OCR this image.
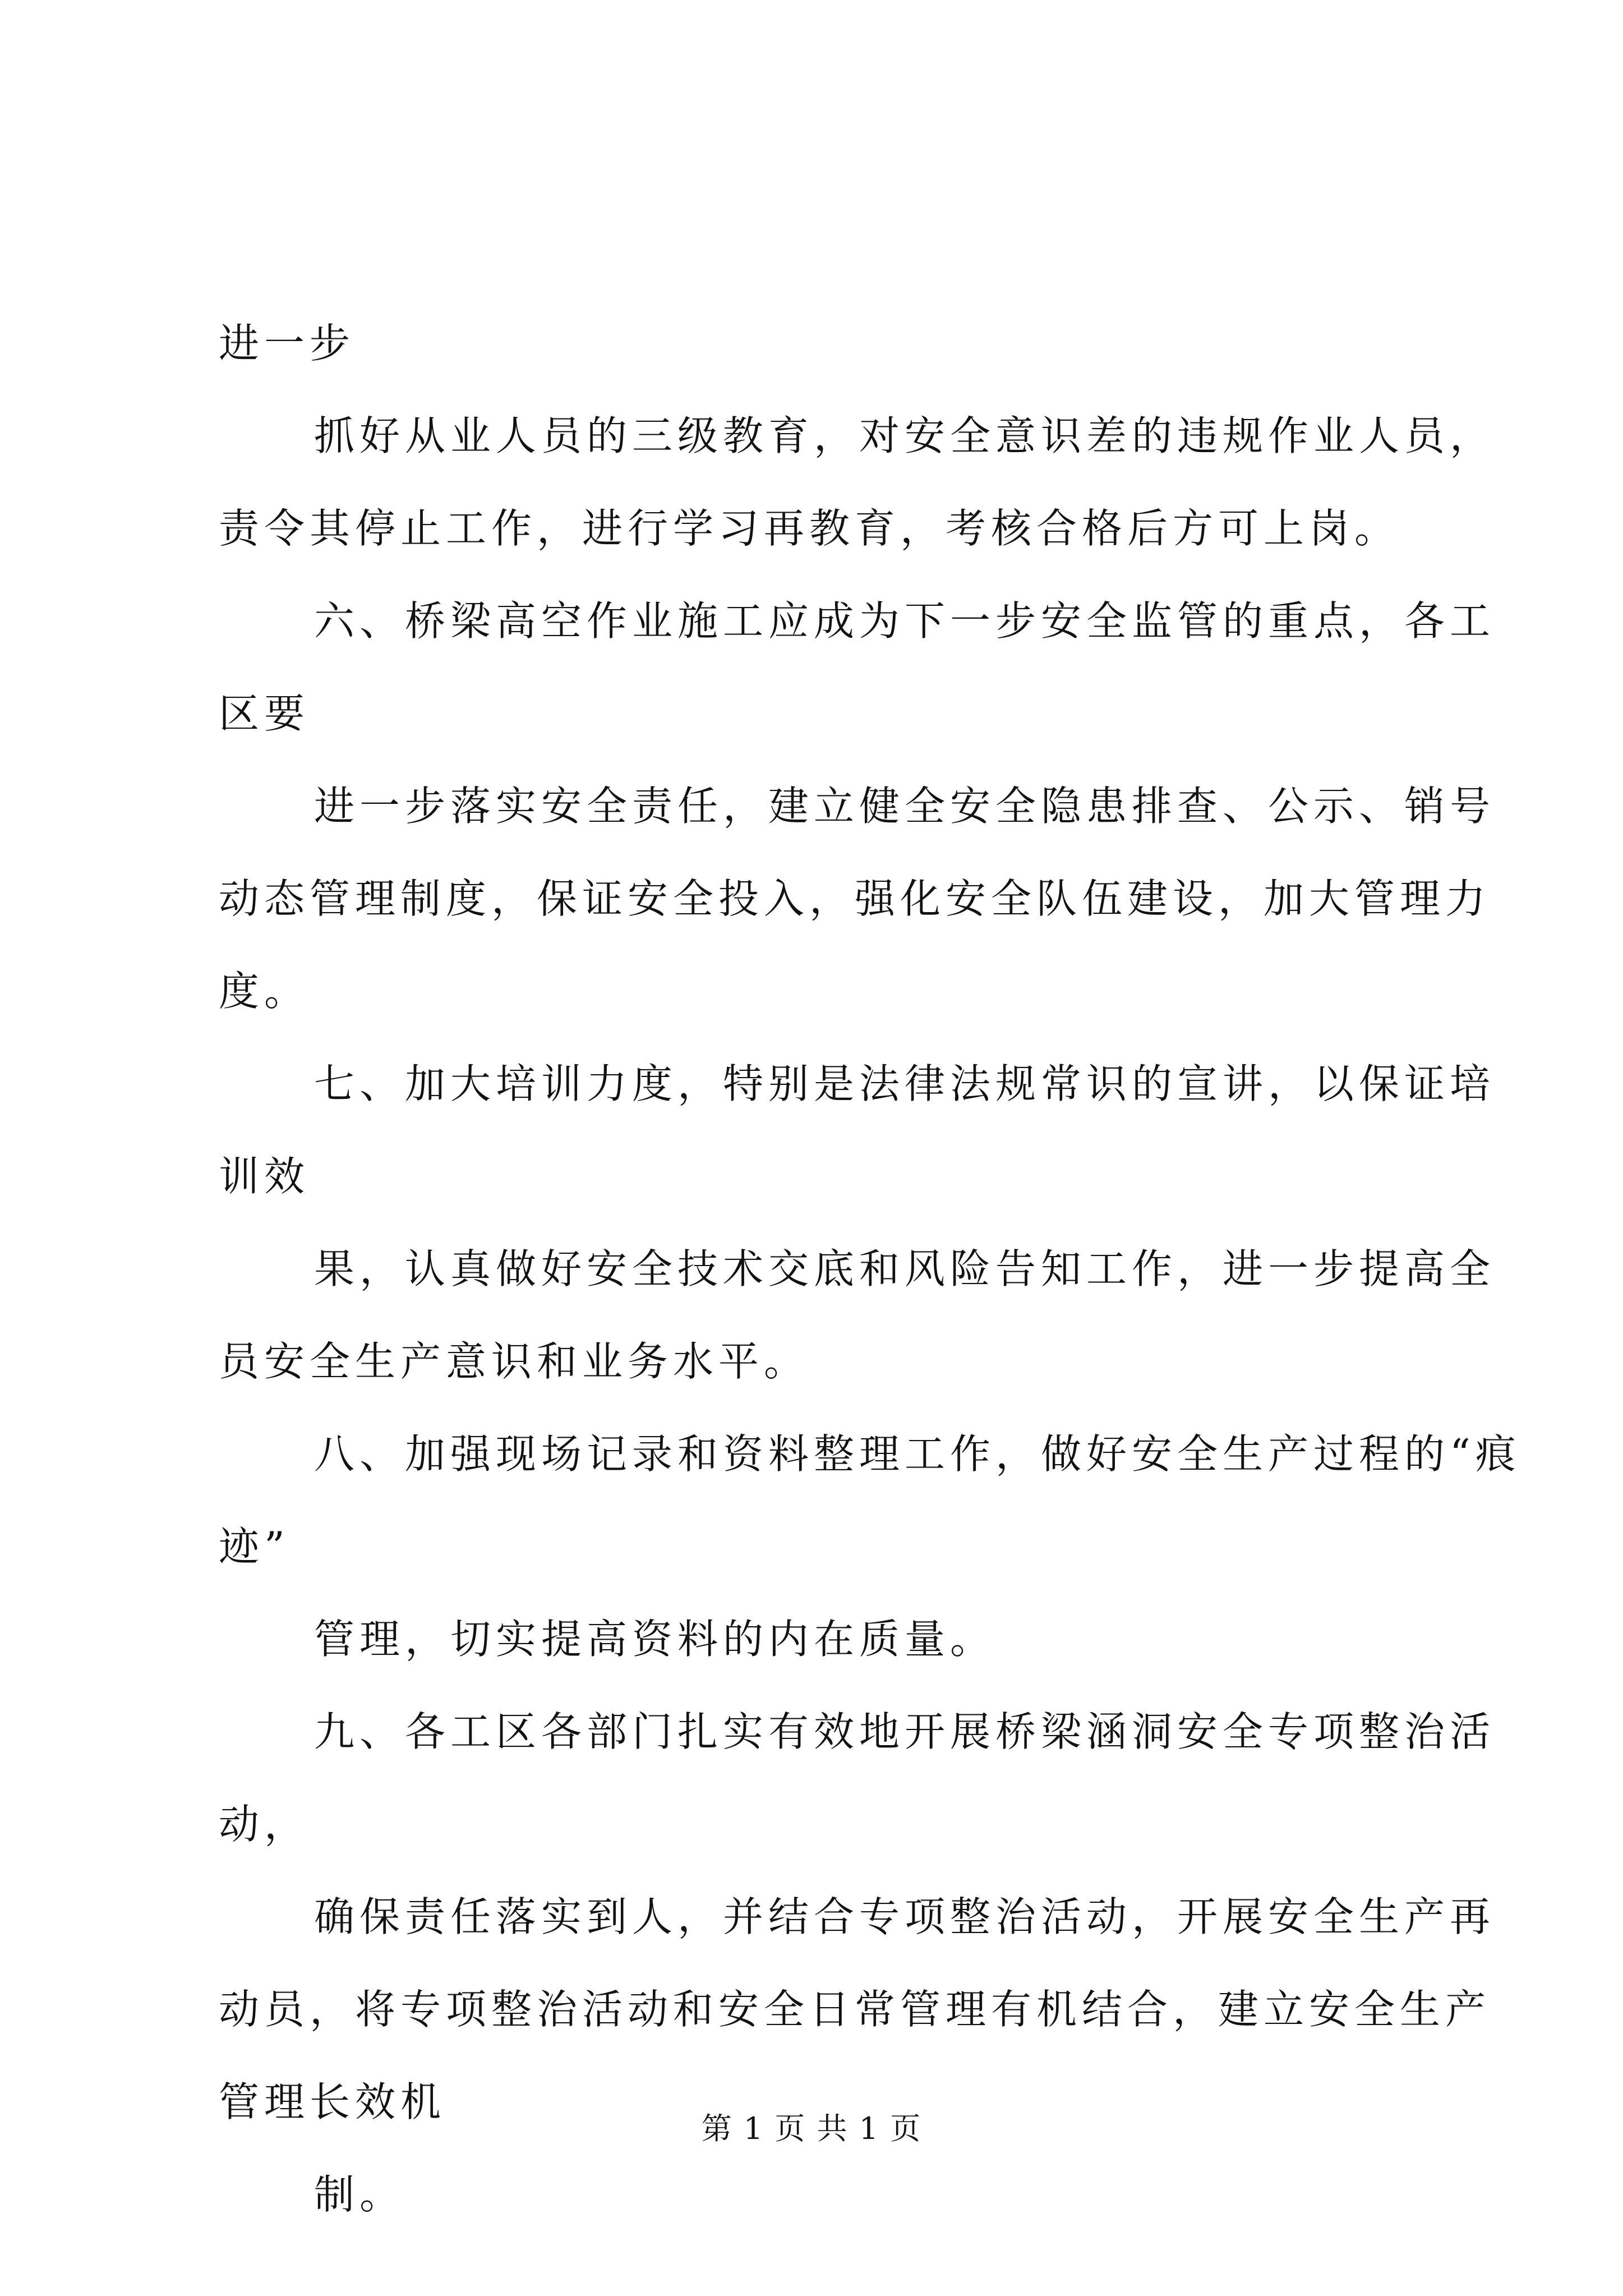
进一步
抓好从业人员的三级教育，对安全意识差的违规作业人员，
责令其停止工作，进行学习再教育，考核合格后方可上岗。
六、桥梁高空作业施工应成为下一步安全监管的重点，各工
区要
进一步落实安全责任，建立健全安全隐患排查、公示、销号
动态管理制度，保证安全投入，强化安全队伍建设，加大管理力
度。
七、加大培训力度，特别是法律法规常识的宣讲，以保证培
训效
果，认真做好安全技术交底和风险告知工作，进一步提高全
员安全生产意识和业务水平。
八、加强现场记录和资料整理工作，做好安全生产过程的“痕
迹”
管理，切实提高资料的内在质量。
九、各工区各部门扎实有效地开展桥梁涵洞安全专项整治活
动，
确保责任落实到人，并结合专项整治活动，开展安全生产再
动员，将专项整治活动和安全日常管理有机结合，建立安全生产
管理长效机
制。
第 1 页 共 1 页
